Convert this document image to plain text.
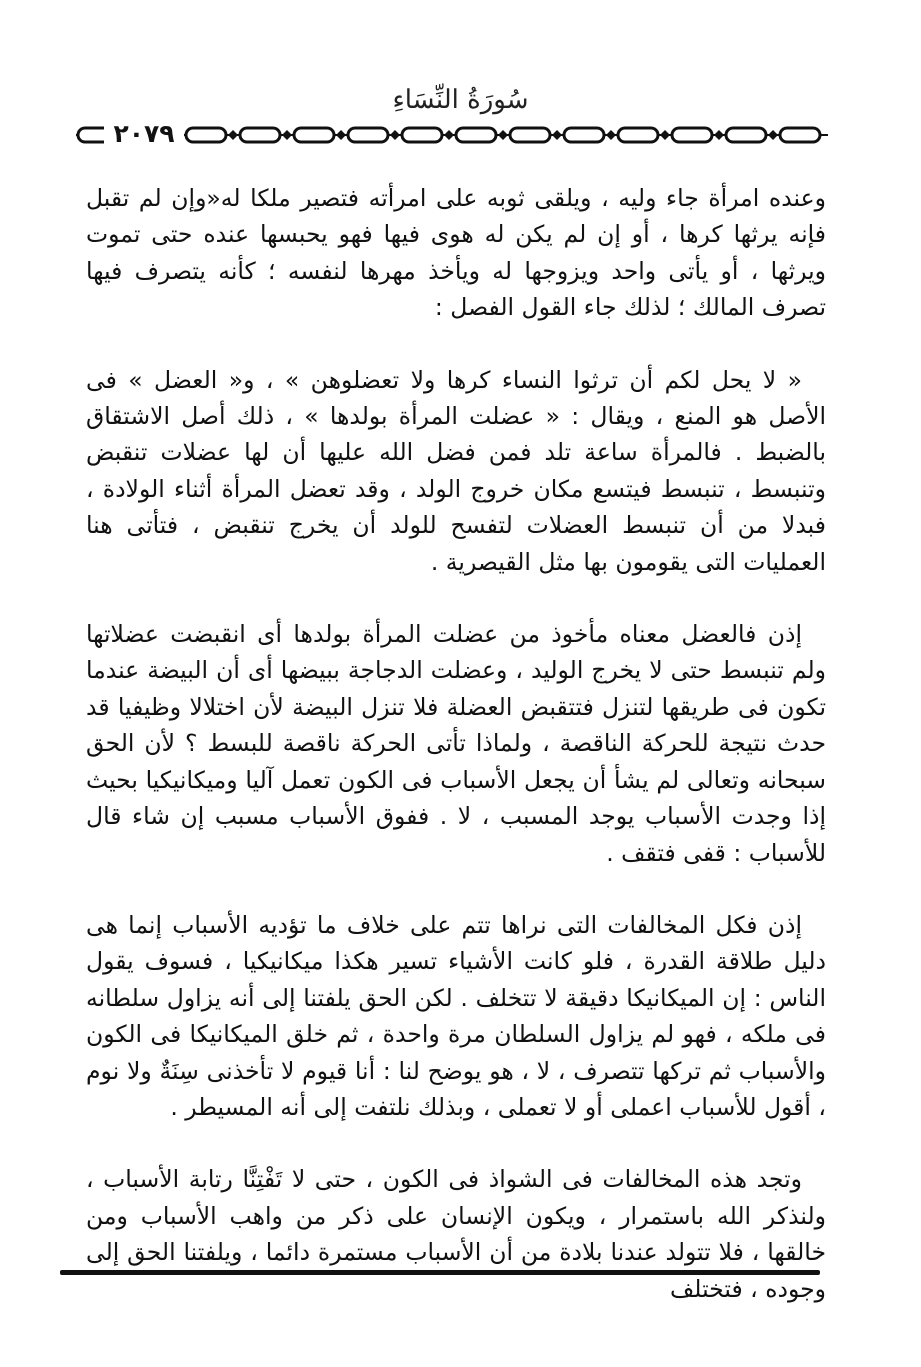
سُورَةُ النِّسَاءِ
٢٠٧٩

وعنده امرأة جاء وليه ، ويلقى ثوبه على امرأته فتصير ملكا له«وإن لم تقبل فإنه يرثها كرها ، أو إن لم يكن له هوى فيها فهو يحبسها عنده حتى تموت ويرثها ، أو يأتى واحد ويزوجها له ويأخذ مهرها لنفسه ؛ كأنه يتصرف فيها تصرف المالك ؛ لذلك جاء القول الفصل :

« لا يحل لكم أن ترثوا النساء كرها ولا تعضلوهن » ، و« العضل » فى الأصل هو المنع ، ويقال : « عضلت المرأة بولدها » ، ذلك أصل الاشتقاق بالضبط . فالمرأة ساعة تلد فمن فضل الله عليها أن لها عضلات تنقبض وتنبسط ، تنبسط فيتسع مكان خروج الولد ، وقد تعضل المرأة أثناء الولادة ، فبدلا من أن تنبسط العضلات لتفسح للولد أن يخرج تنقبض ، فتأتى هنا العمليات التى يقومون بها مثل القيصرية .

إذن فالعضل معناه مأخوذ من عضلت المرأة بولدها أى انقبضت عضلاتها ولم تنبسط حتى لا يخرج الوليد ، وعضلت الدجاجة ببيضها أى أن البيضة عندما تكون فى طريقها لتنزل فتتقبض العضلة فلا تنزل البيضة لأن اختلالا وظيفيا قد حدث نتيجة للحركة الناقصة ، ولماذا تأتى الحركة ناقصة للبسط ؟ لأن الحق سبحانه وتعالى لم يشأ أن يجعل الأسباب فى الكون تعمل آليا وميكانيكيا بحيث إذا وجدت الأسباب يوجد المسبب ، لا . ففوق الأسباب مسبب إن شاء قال للأسباب : قفى فتقف .

إذن فكل المخالفات التى نراها تتم على خلاف ما تؤديه الأسباب إنما هى دليل طلاقة القدرة ، فلو كانت الأشياء تسير هكذا ميكانيكيا ، فسوف يقول الناس : إن الميكانيكا دقيقة لا تتخلف . لكن الحق يلفتنا إلى أنه يزاول سلطانه فى ملكه ، فهو لم يزاول السلطان مرة واحدة ، ثم خلق الميكانيكا فى الكون والأسباب ثم تركها تتصرف ، لا ، هو يوضح لنا : أنا قيوم لا تأخذنى سِنَةٌ ولا نوم ، أقول للأسباب اعملى أو لا تعملى ، وبذلك نلتفت إلى أنه المسيطر .

وتجد هذه المخالفات فى الشواذ فى الكون ، حتى لا تَفْتِنَّا رتابة الأسباب ، ولنذكر الله باستمرار ، ويكون الإنسان على ذكر من واهب الأسباب ومن خالقها ، فلا تتولد عندنا بلادة من أن الأسباب مستمرة دائما ، ويلفتنا الحق إلى وجوده ، فتختلف
